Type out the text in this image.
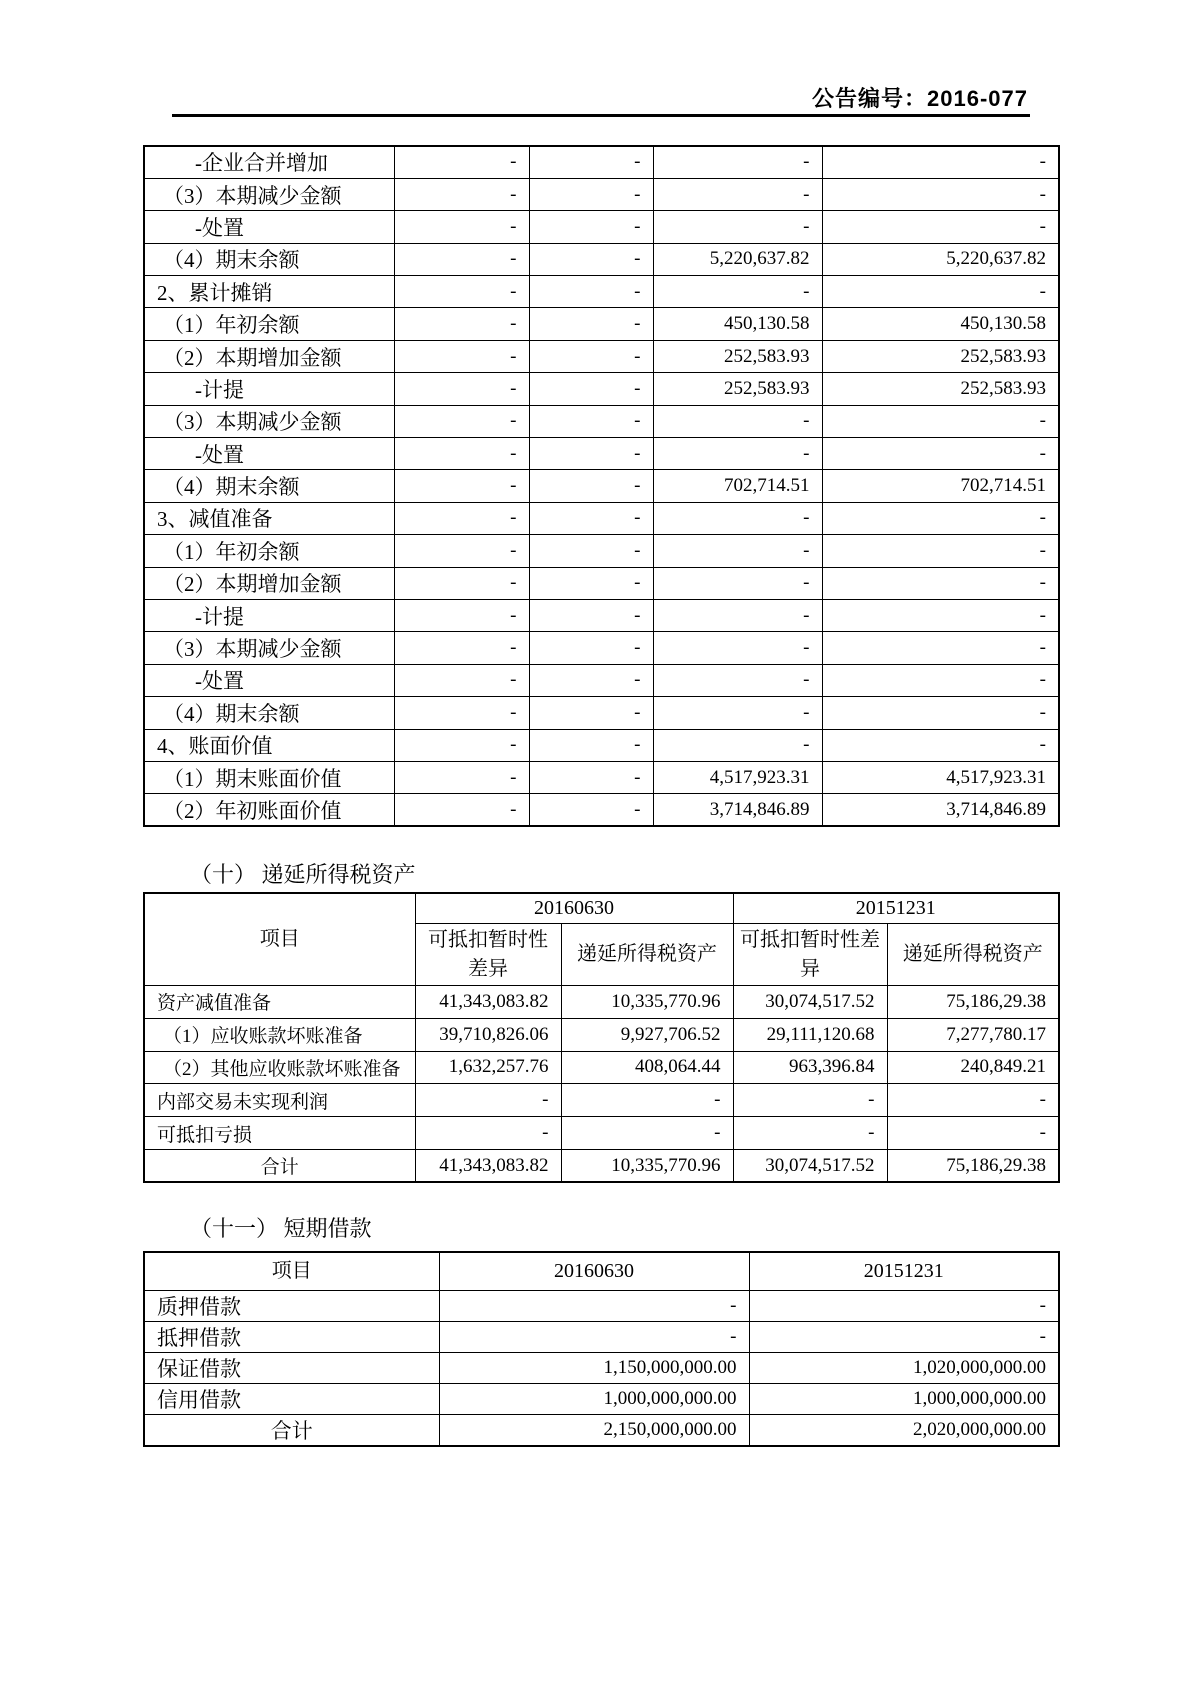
公告编号：2016-077
-企业合并增加	-	-	-	-
（3）本期减少金额	-	-	-	-
-处置	-	-	-	-
（4）期末余额	-	-	5,220,637.82	5,220,637.82
2、累计摊销	-	-	-	-
（1）年初余额	-	-	450,130.58	450,130.58
（2）本期增加金额	-	-	252,583.93	252,583.93
-计提	-	-	252,583.93	252,583.93
（3）本期减少金额	-	-	-	-
-处置	-	-	-	-
（4）期末余额	-	-	702,714.51	702,714.51
3、减值准备	-	-	-	-
（1）年初余额	-	-	-	-
（2）本期增加金额	-	-	-	-
-计提	-	-	-	-
（3）本期减少金额	-	-	-	-
-处置	-	-	-	-
（4）期末余额	-	-	-	-
4、账面价值	-	-	-	-
（1）期末账面价值	-	-	4,517,923.31	4,517,923.31
（2）年初账面价值	-	-	3,714,846.89	3,714,846.89
（十） 递延所得税资产
项目	20160630		20151231	
	可抵扣暂时性差异	递延所得税资产	可抵扣暂时性差异	递延所得税资产
资产减值准备	41,343,083.82	10,335,770.96	30,074,517.52	75,186,29.38
（1）应收账款坏账准备	39,710,826.06	9,927,706.52	29,111,120.68	7,277,780.17
（2）其他应收账款坏账准备	1,632,257.76	408,064.44	963,396.84	240,849.21
内部交易未实现利润	-	-	-	-
可抵扣亏损	-	-	-	-
合计	41,343,083.82	10,335,770.96	30,074,517.52	75,186,29.38
（十一） 短期借款
项目	20160630	20151231
质押借款	-	-
抵押借款	-	-
保证借款	1,150,000,000.00	1,020,000,000.00
信用借款	1,000,000,000.00	1,000,000,000.00
合计	2,150,000,000.00	2,020,000,000.00
